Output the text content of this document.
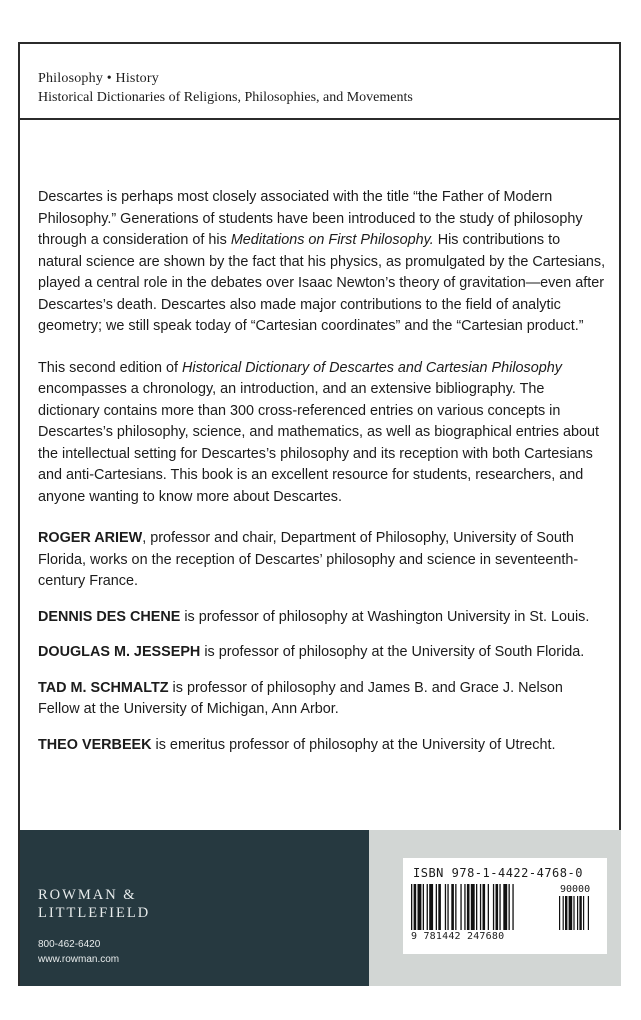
Philosophy • History
Historical Dictionaries of Religions, Philosophies, and Movements

Descartes is perhaps most closely associated with the title “the Father of Modern Philosophy.” Generations of students have been introduced to the study of philosophy through a consideration of his Meditations on First Philosophy. His contributions to natural science are shown by the fact that his physics, as promulgated by the Cartesians, played a central role in the debates over Isaac Newton’s theory of gravitation—even after Descartes’s death. Descartes also made major contributions to the field of analytic geometry; we still speak today of “Cartesian coordinates” and the “Cartesian product.”

This second edition of Historical Dictionary of Descartes and Cartesian Philosophy encompasses a chronology, an introduction, and an extensive bibliography. The dictionary contains more than 300 cross-referenced entries on various concepts in Descartes’s philosophy, science, and mathematics, as well as biographical entries about the intellectual setting for Descartes’s philosophy and its reception with both Cartesians and anti-Cartesians. This book is an excellent resource for students, researchers, and anyone wanting to know more about Descartes.

ROGER ARIEW, professor and chair, Department of Philosophy, University of South Florida, works on the reception of Descartes’ philosophy and science in seventeenth-century France.

DENNIS DES CHENE is professor of philosophy at Washington University in St. Louis.

DOUGLAS M. JESSEPH is professor of philosophy at the University of South Florida.

TAD M. SCHMALTZ is professor of philosophy and James B. and Grace J. Nelson Fellow at the University of Michigan, Ann Arbor.

THEO VERBEEK is emeritus professor of philosophy at the University of Utrecht.

ROWMAN &
LITTLEFIELD
800-462-6420
www.rowman.com
ISBN 978-1-4422-4768-0
90000
9 781442 247680
